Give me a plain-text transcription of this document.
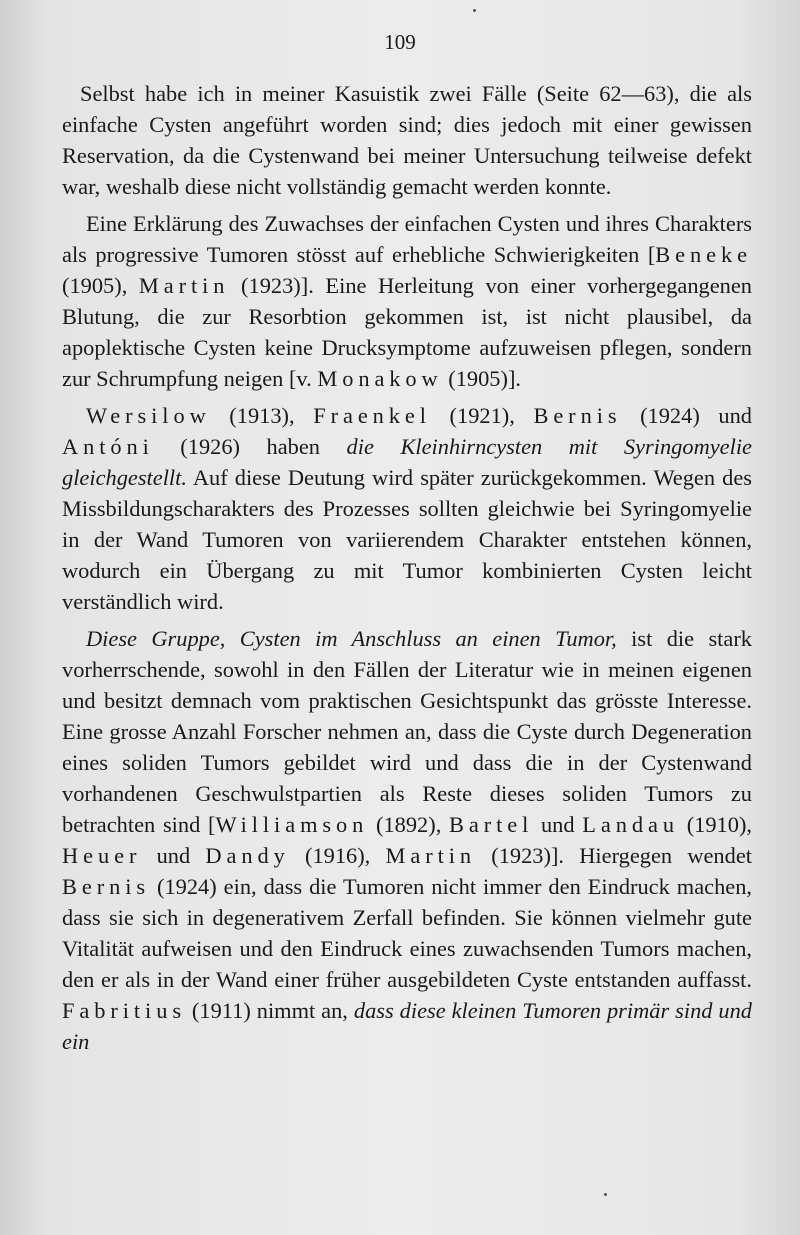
109

Selbst habe ich in meiner Kasuistik zwei Fälle (Seite 62—63), die als einfache Cysten angeführt worden sind; dies jedoch mit einer gewissen Reservation, da die Cystenwand bei meiner Untersuchung teilweise defekt war, weshalb diese nicht vollständig gemacht werden konnte.

Eine Erklärung des Zuwachses der einfachen Cysten und ihres Charakters als progressive Tumoren stösst auf erhebliche Schwierigkeiten [Beneke (1905), Martin (1923)]. Eine Herleitung von einer vorhergegangenen Blutung, die zur Resorbtion gekommen ist, ist nicht plausibel, da apoplektische Cysten keine Drucksymptome aufzuweisen pflegen, sondern zur Schrumpfung neigen [v. Monakow (1905)].

Wersilow (1913), Fraenkel (1921), Bernis (1924) und Antóni (1926) haben die Kleinhirncysten mit Syringomyelie gleichgestellt. Auf diese Deutung wird später zurückgekommen. Wegen des Missbildungscharakters des Prozesses sollten gleichwie bei Syringomyelie in der Wand Tumoren von variierendem Charakter entstehen können, wodurch ein Übergang zu mit Tumor kombinierten Cysten leicht verständlich wird.

Diese Gruppe, Cysten im Anschluss an einen Tumor, ist die stark vorherrschende, sowohl in den Fällen der Literatur wie in meinen eigenen und besitzt demnach vom praktischen Gesichtspunkt das grösste Interesse. Eine grosse Anzahl Forscher nehmen an, dass die Cyste durch Degeneration eines soliden Tumors gebildet wird und dass die in der Cystenwand vorhandenen Geschwulstpartien als Reste dieses soliden Tumors zu betrachten sind [Williamson (1892), Bartel und Landau (1910), Heuer und Dandy (1916), Martin (1923)]. Hiergegen wendet Bernis (1924) ein, dass die Tumoren nicht immer den Eindruck machen, dass sie sich in degenerativem Zerfall befinden. Sie können vielmehr gute Vitalität aufweisen und den Eindruck eines zuwachsenden Tumors machen, den er als in der Wand einer früher ausgebildeten Cyste entstanden auffasst. Fabritius (1911) nimmt an, dass diese kleinen Tumoren primär sind und ein
